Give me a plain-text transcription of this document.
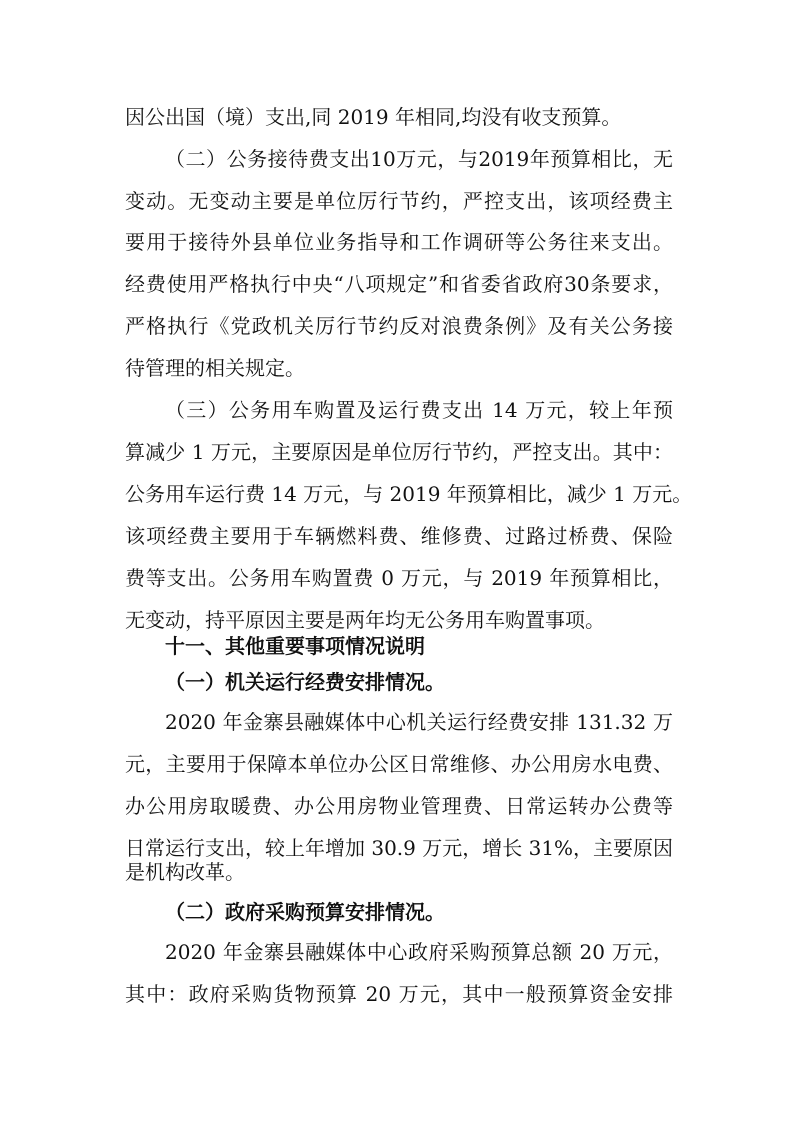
因公出国（境）支出,同 2019 年相同,均没有收支预算。
（二）公务接待费支出10万元，与2019年预算相比，无
变动。无变动主要是单位厉行节约，严控支出，该项经费主
要用于接待外县单位业务指导和工作调研等公务往来支出。
经费使用严格执行中央“八项规定”和省委省政府30条要求，
严格执行《党政机关厉行节约反对浪费条例》及有关公务接
待管理的相关规定。
（三）公务用车购置及运行费支出 14 万元，较上年预
算减少 1 万元，主要原因是单位厉行节约，严控支出。其中：
公务用车运行费 14 万元，与 2019 年预算相比，减少 1 万元。
该项经费主要用于车辆燃料费、维修费、过路过桥费、保险
费等支出。公务用车购置费 0 万元，与 2019 年预算相比，
无变动，持平原因主要是两年均无公务用车购置事项。
十一、其他重要事项情况说明
（一）机关运行经费安排情况。
2020 年金寨县融媒体中心机关运行经费安排 131.32 万
元，主要用于保障本单位办公区日常维修、办公用房水电费、
办公用房取暖费、办公用房物业管理费、日常运转办公费等
日常运行支出，较上年增加 30.9 万元，增长 31%，主要原因
是机构改革。
（二）政府采购预算安排情况。
2020 年金寨县融媒体中心政府采购预算总额 20 万元，
其中：政府采购货物预算 20 万元，其中一般预算资金安排
